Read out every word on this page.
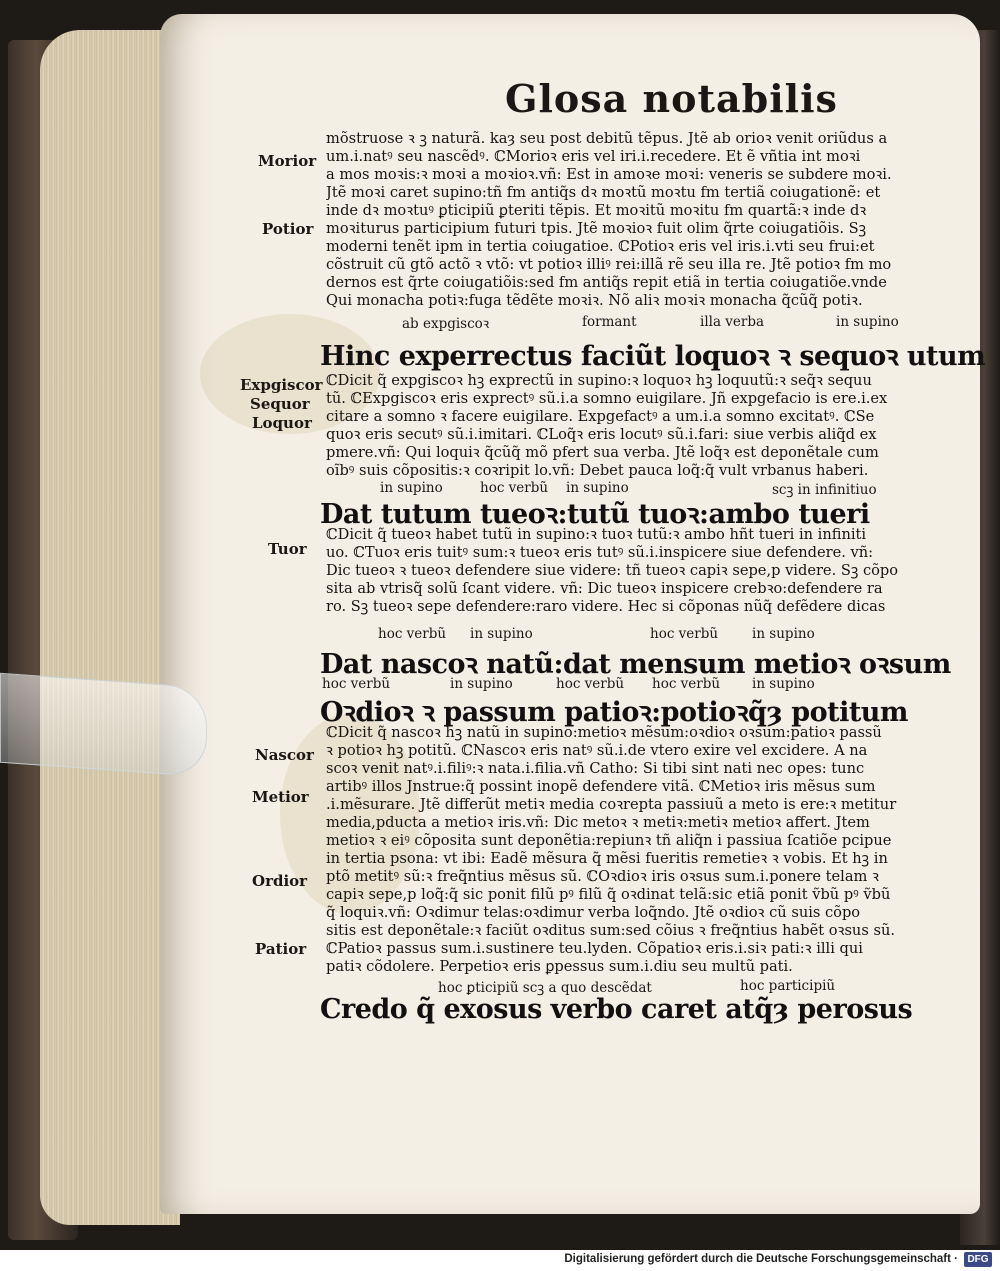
Glosa notabilis
Morior
Potior
Expgiscor
Sequor
Loquor
Tuor
Nascor
Metior
Ordior
Patior
mõstruose ꝛ ꝫ naturã. kaȝ seu post debitũ tẽpus. Jtẽ ab orioꝛ venit oriũdus a
um.i.natꝰ seu nascẽdꝰ. ℂMorioꝛ eris vel iri.i.recedere. Et ẽ vñtia int moꝛi
a mos moꝛis:ꝛ moꝛi a moꝛioꝛ.vñ: Est in amoꝛe moꝛi: veneris se subdere moꝛi.
Jtẽ moꝛi caret supino:tñ fm antiq̃s dꝛ moꝛtũ moꝛtu fm tertiã coiugationẽ: et
inde dꝛ moꝛtuꝰ ꝑticipiũ ꝑteriti tẽpis. Et moꝛitũ moꝛitu fm quartã:ꝛ inde dꝛ
moꝛiturus participium futuri tpis. Jtẽ moꝛioꝛ fuit olim q̃rte coiugatiõis. Sꝫ
moderni tenẽt ipm in tertia coiugatioe. ℂPotioꝛ eris vel iris.i.vti seu frui:et
cõstruit cũ gtõ actõ ꝛ vtõ: vt potioꝛ illiꝰ rei:illã rẽ seu illa re. Jtẽ potioꝛ fm mo
dernos est q̃rte coiugatiõis:sed fm antiq̃s repit etiã in tertia coiugatiõe.vnde
Qui monacha potiꝛ:fuga tẽdẽte moꝛiꝛ. Nõ aliꝛ moꝛiꝛ monacha q̃cũq̃ potiꝛ.
ab expgiscoꝛ	formant	illa verba	in supino
Hinc experrectus faciũt loquoꝛ ꝛ sequoꝛ utum
ℂDicit q̃ expgiscoꝛ hꝫ exprectũ in supino:ꝛ loquoꝛ hꝫ loquutũ:ꝛ seq̃ꝛ sequu
tũ. ℂExpgiscoꝛ eris exprectꝰ sũ.i.a somno euigilare. Jñ expgefacio is ere.i.ex
citare a somno ꝛ facere euigilare. Expgefactꝰ a um.i.a somno excitatꝰ. ℂSe
quoꝛ eris secutꝰ sũ.i.imitari. ℂLoq̃ꝛ eris locutꝰ sũ.i.fari: siue verbis aliq̃d ex
pmere.vñ: Qui loquiꝛ q̃cũq̃ mõ pfert sua verba. Jtẽ loq̃ꝛ est deponẽtale cum
oĩbꝰ suis cõpositis:ꝛ coꝛripit lo.vñ: Debet pauca loq̃:q̃ vult vrbanus haberi.
in supino	hoc verbũ in supino	scꝫ in infinitiuo
Dat tutum tueoꝛ:tutũ tuoꝛ:ambo tueri
ℂDicit q̃ tueoꝛ habet tutũ in supino:ꝛ tuoꝛ tutũ:ꝛ ambo hñt tueri in infiniti
uo. ℂTuoꝛ eris tuitꝰ sum:ꝛ tueoꝛ eris tutꝰ sũ.i.inspicere siue defendere. vñ:
Dic tueoꝛ ꝛ tueoꝛ defendere siue videre: tñ tueoꝛ capiꝛ sepe,p videre. Sꝫ cõpo
sita ab vtrisq̃ solũ ſcant videre. vñ: Dic tueoꝛ inspicere crebꝛo:defendere ra
ro. Sꝫ tueoꝛ sepe defendere:raro videre. Hec si cõponas nũq̃ defẽdere dicas
hoc verbũ in supino	hoc verbũ	in supino
Dat nascoꝛ natũ:dat mensum metioꝛ oꝛsum
hoc verbũ	in supino	hoc verbũ hoc verbũ in supino
Oꝛdioꝛ ꝛ passum patioꝛ:potioꝛq̃ȝ potitum
ℂDicit q̃ nascoꝛ hꝫ natũ in supino:metioꝛ mẽsum:oꝛdioꝛ oꝛsum:patioꝛ passũ
ꝛ potioꝛ hꝫ potitũ. ℂNascoꝛ eris natꝰ sũ.i.de vtero exire vel excidere. A na
scoꝛ venit natꝰ.i.filiꝰ:ꝛ nata.i.filia.vñ Catho: Si tibi sint nati nec opes: tunc
artibꝰ illos Jnstrue:q̃ possint inopẽ defendere vitã. ℂMetioꝛ iris mẽsus sum
.i.mẽsurare. Jtẽ differũt metiꝛ media coꝛrepta passiuũ a meto is ere:ꝛ metitur
media,pducta a metioꝛ iris.vñ: Dic metoꝛ ꝛ metiꝛ:metiꝛ metioꝛ affert. Jtem
metioꝛ ꝛ eiꝰ cõposita sunt deponẽtia:repiunꝛ tñ aliq̃n i passiua ſcatiõe pcipue
in tertia psona: vt ibi: Eadẽ mẽsura q̃ mẽsi fueritis remetieꝛ ꝛ vobis. Et hꝫ in
ptõ metitꝰ sũ:ꝛ freq̃ntius mẽsus sũ. ℂOꝛdioꝛ iris oꝛsus sum.i.ponere telam ꝛ
capiꝛ sepe,p loq̃:q̃ sic ponit filũ pꝰ filũ q̃ oꝛdinat telã:sic etiã ponit ṽbũ pꝰ ṽbũ
q̃ loquiꝛ.vñ: Oꝛdimur telas:oꝛdimur verba loq̃ndo. Jtẽ oꝛdioꝛ cũ suis cõpo
sitis est deponẽtale:ꝛ faciũt oꝛditus sum:sed cõius ꝛ freq̃ntius habẽt oꝛsus sũ.
ℂPatioꝛ passus sum.i.sustinere teu.lyden. Cõpatioꝛ eris.i.siꝛ pati:ꝛ illi qui
patiꝛ cõdolere. Perpetioꝛ eris ꝑpessus sum.i.diu seu multũ pati.
hoc ꝑticipiũ scꝫ a quo descẽdat	hoc participiũ
Credo q̃ exosus verbo caret atq̃ȝ perosus
Digitalisierung gefördert durch die Deutsche Forschungsgemeinschaft · DFG
